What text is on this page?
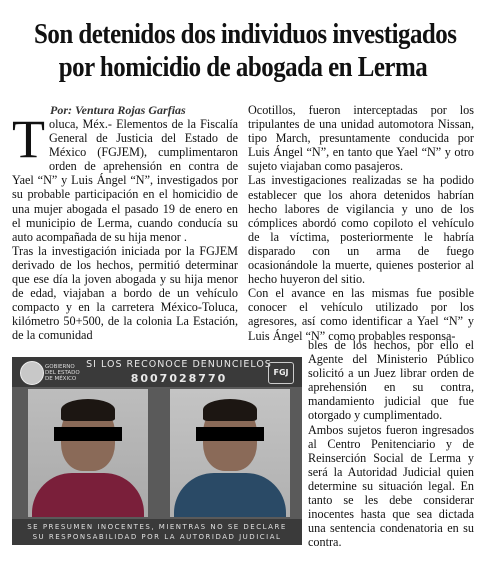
Son detenidos dos individuos investigados
por homicidio de abogada en Lerma
Por: Ventura Rojas Garfias

Toluca, Méx.- Elementos de la Fiscalía General de Justicia del Estado de México (FGJEM), cumplimentaron orden de aprehensión en contra de Yael “N” y Luis Ángel “N”, investigados por su probable participación en el homicidio de una mujer abogada el pasado 19 de enero en el municipio de Lerma, cuando conducía su auto acompañada de su hija menor .

Tras la investigación iniciada por la FGJEM derivado de los hechos, permitió determinar que ese día la joven abogada y su hija menor de edad, viajaban a bordo de un vehículo compacto y en la carretera México-Toluca, kilómetro 50+500, de la colonia La Estación, de la comunidad

Ocotillos, fueron interceptadas por los tripulantes de una unidad automotora Nissan, tipo March, presuntamente conducida por Luis Ángel “N”, en tanto que Yael “N” y otro sujeto viajaban como pasajeros.

Las investigaciones realizadas se ha podido establecer que los ahora detenidos habrían hecho labores de vigilancia y uno de los cómplices abordó como copiloto el vehículo de la víctima, posteriormente le habría disparado con un arma de fuego ocasionándole la muerte, quienes posterior al hecho huyeron del sitio.

Con el avance en las mismas fue posible conocer el vehículo utilizado por los agresores, así como identificar a Yael “N” y Luis Ángel “N” como probables responsa-

bles de los hechos, por ello el Agente del Ministerio Público solicitó a un Juez librar orden de aprehensión en su contra, mandamiento judicial que fue otorgado y cumplimentado.

Ambos sujetos fueron ingresados al Centro Penitenciario y de Reinserción Social de Lerma y será la Autoridad Judicial quien determine su situación legal. En tanto se les debe considerar inocentes hasta que sea dictada una sentencia condenatoria en su contra.

GOBIERNO DEL ESTADO DE MÉXICO
SI LOS RECONOCE DENUNCIELOS
8007028770	FGJ
SE PRESUMEN INOCENTES, MIENTRAS NO SE DECLARE
SU RESPONSABILIDAD POR LA AUTORIDAD JUDICIAL
